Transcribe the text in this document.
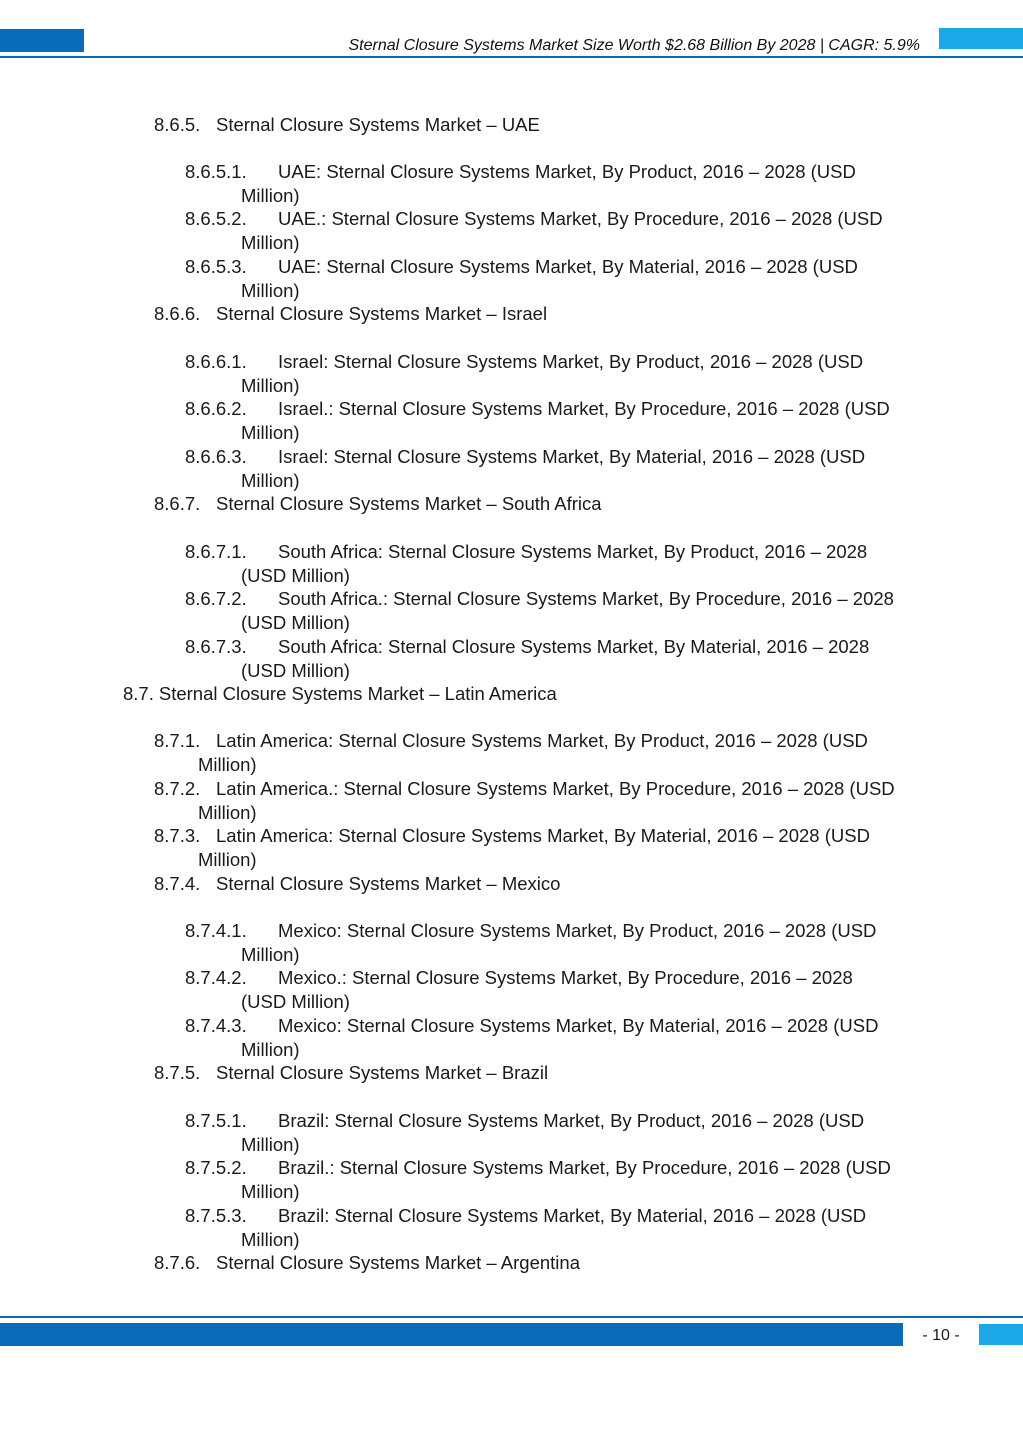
Sternal Closure Systems Market Size Worth $2.68 Billion By 2028 | CAGR: 5.9%
8.6.5. Sternal Closure Systems Market – UAE
8.6.5.1. UAE: Sternal Closure Systems Market, By Product, 2016 – 2028 (USD
Million)
8.6.5.2. UAE.: Sternal Closure Systems Market, By Procedure, 2016 – 2028 (USD
Million)
8.6.5.3. UAE: Sternal Closure Systems Market, By Material, 2016 – 2028 (USD
Million)
8.6.6. Sternal Closure Systems Market – Israel
8.6.6.1. Israel: Sternal Closure Systems Market, By Product, 2016 – 2028 (USD
Million)
8.6.6.2. Israel.: Sternal Closure Systems Market, By Procedure, 2016 – 2028 (USD
Million)
8.6.6.3. Israel: Sternal Closure Systems Market, By Material, 2016 – 2028 (USD
Million)
8.6.7. Sternal Closure Systems Market – South Africa
8.6.7.1. South Africa: Sternal Closure Systems Market, By Product, 2016 – 2028
(USD Million)
8.6.7.2. South Africa.: Sternal Closure Systems Market, By Procedure, 2016 – 2028
(USD Million)
8.6.7.3. South Africa: Sternal Closure Systems Market, By Material, 2016 – 2028
(USD Million)
8.7. Sternal Closure Systems Market – Latin America
8.7.1. Latin America: Sternal Closure Systems Market, By Product, 2016 – 2028 (USD
Million)
8.7.2. Latin America.: Sternal Closure Systems Market, By Procedure, 2016 – 2028 (USD
Million)
8.7.3. Latin America: Sternal Closure Systems Market, By Material, 2016 – 2028 (USD
Million)
8.7.4. Sternal Closure Systems Market – Mexico
8.7.4.1. Mexico: Sternal Closure Systems Market, By Product, 2016 – 2028 (USD
Million)
8.7.4.2. Mexico.: Sternal Closure Systems Market, By Procedure, 2016 – 2028
(USD Million)
8.7.4.3. Mexico: Sternal Closure Systems Market, By Material, 2016 – 2028 (USD
Million)
8.7.5. Sternal Closure Systems Market – Brazil
8.7.5.1. Brazil: Sternal Closure Systems Market, By Product, 2016 – 2028 (USD
Million)
8.7.5.2. Brazil.: Sternal Closure Systems Market, By Procedure, 2016 – 2028 (USD
Million)
8.7.5.3. Brazil: Sternal Closure Systems Market, By Material, 2016 – 2028 (USD
Million)
8.7.6. Sternal Closure Systems Market – Argentina
- 10 -
